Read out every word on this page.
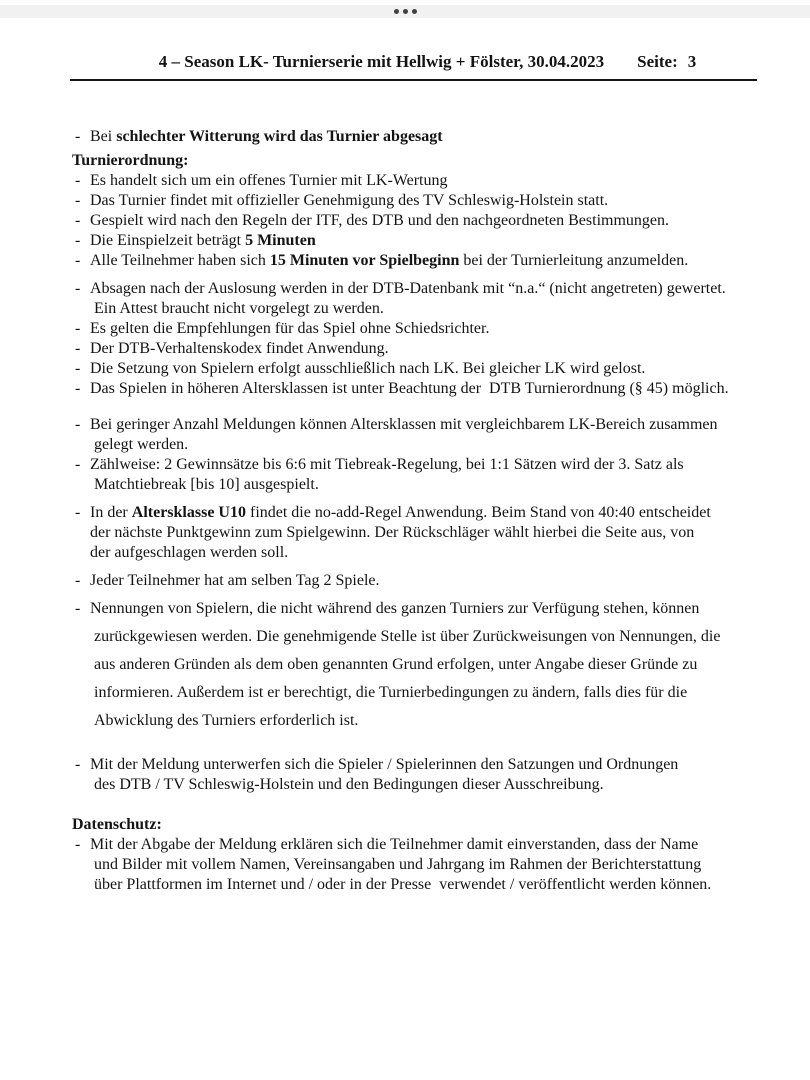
4 – Season LK- Turnierserie mit Hellwig + Fölster, 30.04.2023 Seite: 3
- Bei schlechter Witterung wird das Turnier abgesagt
Turnierordnung:
- Es handelt sich um ein offenes Turnier mit LK-Wertung
- Das Turnier findet mit offizieller Genehmigung des TV Schleswig-Holstein statt.
- Gespielt wird nach den Regeln der ITF, des DTB und den nachgeordneten Bestimmungen.
- Die Einspielzeit beträgt 5 Minuten
- Alle Teilnehmer haben sich 15 Minuten vor Spielbeginn bei der Turnierleitung anzumelden.
- Absagen nach der Auslosung werden in der DTB-Datenbank mit “n.a.“ (nicht angetreten) gewertet.
Ein Attest braucht nicht vorgelegt zu werden.
- Es gelten die Empfehlungen für das Spiel ohne Schiedsrichter.
- Der DTB-Verhaltenskodex findet Anwendung.
- Die Setzung von Spielern erfolgt ausschließlich nach LK. Bei gleicher LK wird gelost.
- Das Spielen in höheren Altersklassen ist unter Beachtung der  DTB Turnierordnung (§ 45) möglich.
- Bei geringer Anzahl Meldungen können Altersklassen mit vergleichbarem LK-Bereich zusammen
gelegt werden.
- Zählweise: 2 Gewinnsätze bis 6:6 mit Tiebreak-Regelung, bei 1:1 Sätzen wird der 3. Satz als
Matchtiebreak [bis 10] ausgespielt.
- In der Altersklasse U10 findet die no-add-Regel Anwendung. Beim Stand von 40:40 entscheidet
der nächste Punktgewinn zum Spielgewinn. Der Rückschläger wählt hierbei die Seite aus, von
der aufgeschlagen werden soll.
- Jeder Teilnehmer hat am selben Tag 2 Spiele.
- Nennungen von Spielern, die nicht während des ganzen Turniers zur Verfügung stehen, können
zurückgewiesen werden. Die genehmigende Stelle ist über Zurückweisungen von Nennungen, die
aus anderen Gründen als dem oben genannten Grund erfolgen, unter Angabe dieser Gründe zu
informieren. Außerdem ist er berechtigt, die Turnierbedingungen zu ändern, falls dies für die
Abwicklung des Turniers erforderlich ist.
- Mit der Meldung unterwerfen sich die Spieler / Spielerinnen den Satzungen und Ordnungen
des DTB / TV Schleswig-Holstein und den Bedingungen dieser Ausschreibung.
Datenschutz:
- Mit der Abgabe der Meldung erklären sich die Teilnehmer damit einverstanden, dass der Name
und Bilder mit vollem Namen, Vereinsangaben und Jahrgang im Rahmen der Berichterstattung
über Plattformen im Internet und / oder in der Presse  verwendet / veröffentlicht werden können.
